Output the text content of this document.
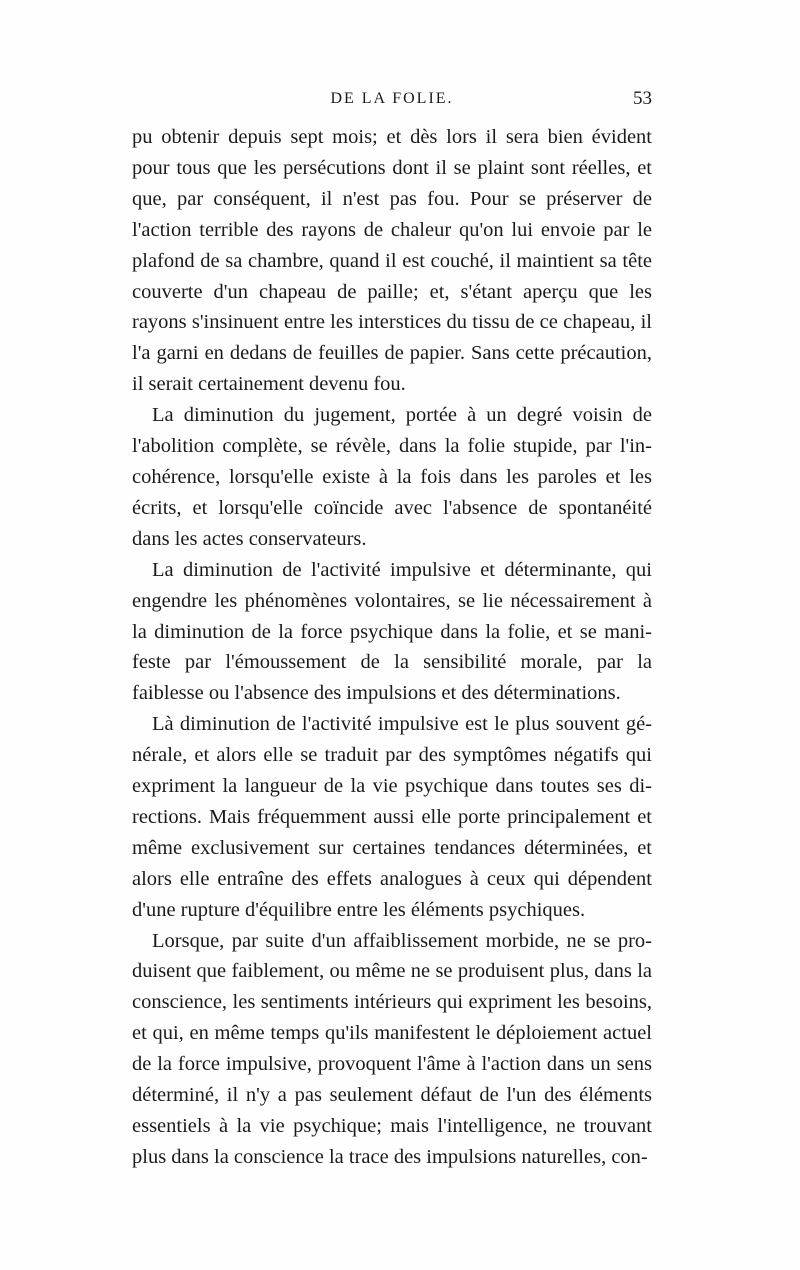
DE LA FOLIE.	53

pu obtenir depuis sept mois; et dès lors il sera bien évident pour tous que les persécutions dont il se plaint sont réelles, et que, par conséquent, il n'est pas fou. Pour se préserver de l'action terrible des rayons de chaleur qu'on lui envoie par le plafond de sa chambre, quand il est couché, il maintient sa tête couverte d'un chapeau de paille; et, s'étant aperçu que les rayons s'insinuent entre les interstices du tissu de ce chapeau, il l'a garni en dedans de feuilles de papier. Sans cette précaution, il serait certainement devenu fou.

La diminution du jugement, portée à un degré voisin de l'abolition complète, se révèle, dans la folie stupide, par l'incohérence, lorsqu'elle existe à la fois dans les paroles et les écrits, et lorsqu'elle coïncide avec l'absence de spontanéité dans les actes conservateurs.

La diminution de l'activité impulsive et déterminante, qui engendre les phénomènes volontaires, se lie nécessairement à la diminution de la force psychique dans la folie, et se manifeste par l'émoussement de la sensibilité morale, par la faiblesse ou l'absence des impulsions et des déterminations.

Là diminution de l'activité impulsive est le plus souvent générale, et alors elle se traduit par des symptômes négatifs qui expriment la langueur de la vie psychique dans toutes ses directions. Mais fréquemment aussi elle porte principalement et même exclusivement sur certaines tendances déterminées, et alors elle entraîne des effets analogues à ceux qui dépendent d'une rupture d'équilibre entre les éléments psychiques.

Lorsque, par suite d'un affaiblissement morbide, ne se produisent que faiblement, ou même ne se produisent plus, dans la conscience, les sentiments intérieurs qui expriment les besoins, et qui, en même temps qu'ils manifestent le déploiement actuel de la force impulsive, provoquent l'âme à l'action dans un sens déterminé, il n'y a pas seulement défaut de l'un des éléments essentiels à la vie psychique; mais l'intelligence, ne trouvant plus dans la conscience la trace des impulsions naturelles, con-
